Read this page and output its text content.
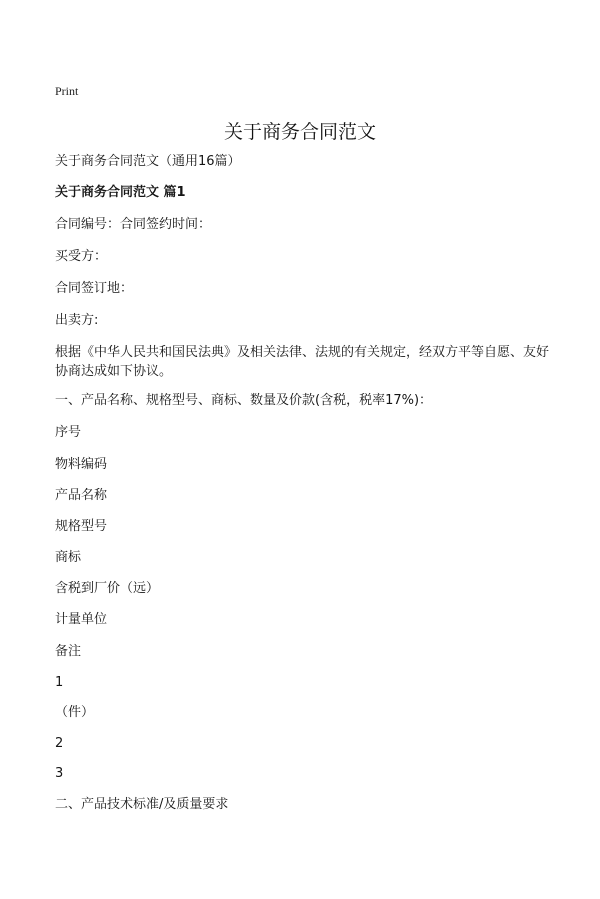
Print
关于商务合同范文
关于商务合同范文（通用16篇）
关于商务合同范文 篇1
合同编号：合同签约时间：
买受方：
合同签订地：
出卖方:
根据《中华人民共和国民法典》及相关法律、法规的有关规定，经双方平等自愿、友好协商达成如下协议。
一、产品名称、规格型号、商标、数量及价款(含税，税率17%)：
序号
物料编码
产品名称
规格型号
商标
含税到厂价（远）
计量单位
备注
1
（件）
2
3
二、产品技术标准/及质量要求
